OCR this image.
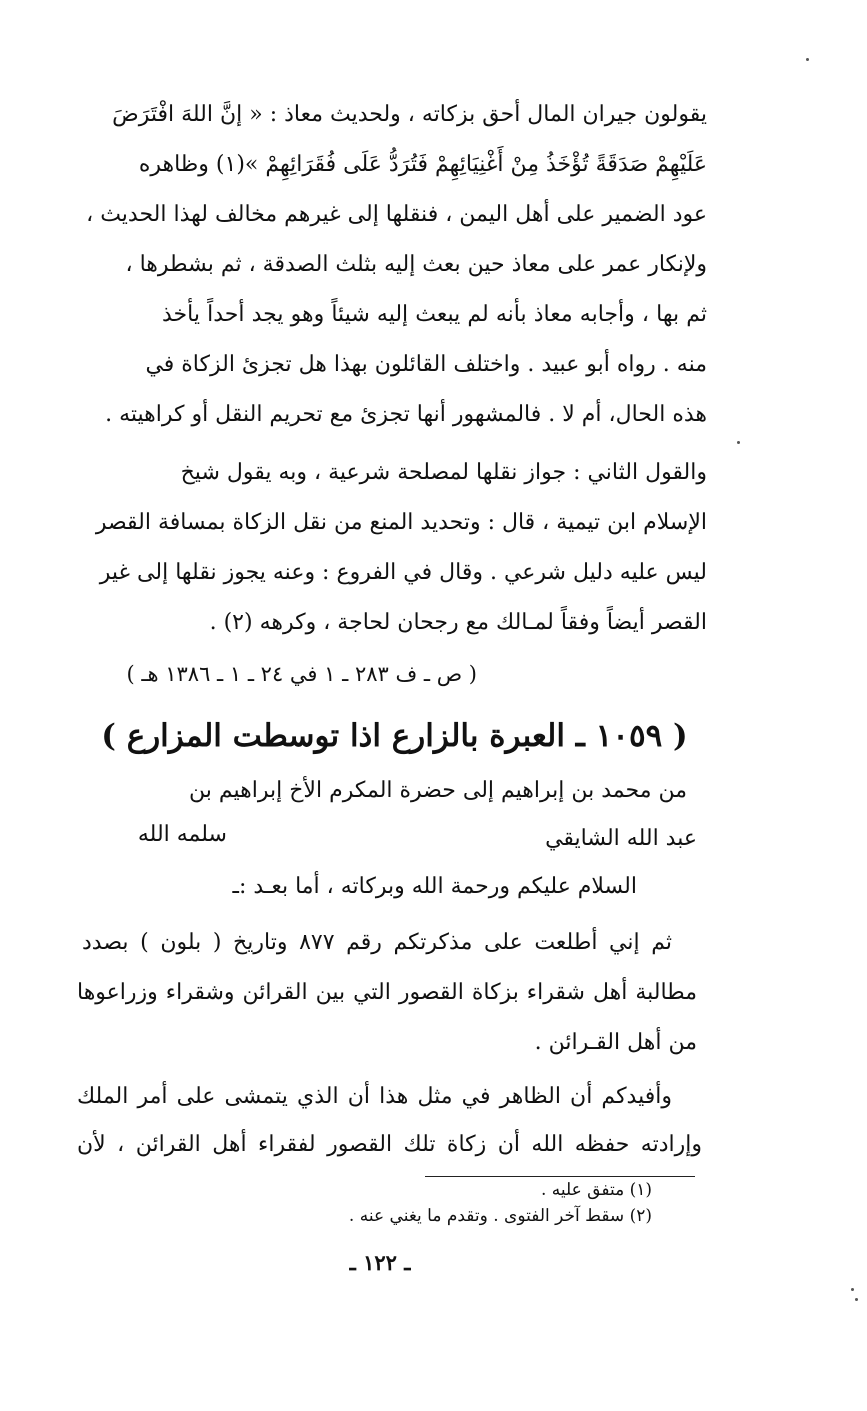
يقولون جيران المال أحق بزكاته ، ولحديث معاذ : « إنَّ اللهَ افْتَرَضَ
عَلَيْهِمْ صَدَقَةً تُؤْخَذُ مِنْ أَغْنِيَائِهِمْ فَتُرَدُّ عَلَى فُقَرَائِهِمْ »(١) وظاهره
عود الضمير على أهل اليمن ، فنقلها إلى غيرهم مخالف لهذا الحديث ،
ولإنكار عمر على معاذ حين بعث إليه بثلث الصدقة ، ثم بشطرها ،
ثم بها ، وأجابه معاذ بأنه لم يبعث إليه شيئاً وهو يجد أحداً يأخذ
منه . رواه أبو عبيد . واختلف القائلون بهذا هل تجزئ الزكاة في
هذه الحال، أم لا . فالمشهور أنها تجزئ مع تحريم النقل أو كراهيته .
والقول الثاني : جواز نقلها لمصلحة شرعية ، وبه يقول شيخ
الإسلام ابن تيمية ، قال : وتحديد المنع من نقل الزكاة بمسافة القصر
ليس عليه دليل شرعي . وقال في الفروع : وعنه يجوز نقلها إلى غير
القصر أيضاً وفقاً لمـالك مع رجحان لحاجة ، وكرهه (٢) .
( ص ـ ف ٢٨٣ ـ ١ في ٢٤ ـ ١ ـ ١٣٨٦ هـ )
( ١٠٥٩ ـ العبرة بالزارع اذا توسطت المزارع )
من محمد بن إبراهيم إلى حضرة المكرم الأخ إبراهيم بن
عبد الله الشايقي
سلمه الله
السلام عليكم ورحمة الله وبركاته ، أما بعـد :ـ
ثم إني أطلعت على مذكرتكم رقم ٨٧٧ وتاريخ ( بلون ) بصدد
مطالبة أهل شقراء بزكاة القصور التي بين القرائن وشقراء وزراعوها
من أهل القـرائن .
وأفيدكم أن الظاهر في مثل هذا أن الذي يتمشى على أمر الملك
وإرادته حفظه الله أن زكاة تلك القصور لفقراء أهل القرائن ، لأن
(١) متفق عليه .
(٢) سقط آخر الفتوى . وتقدم ما يغني عنه .
ـ ١٢٢ ـ
